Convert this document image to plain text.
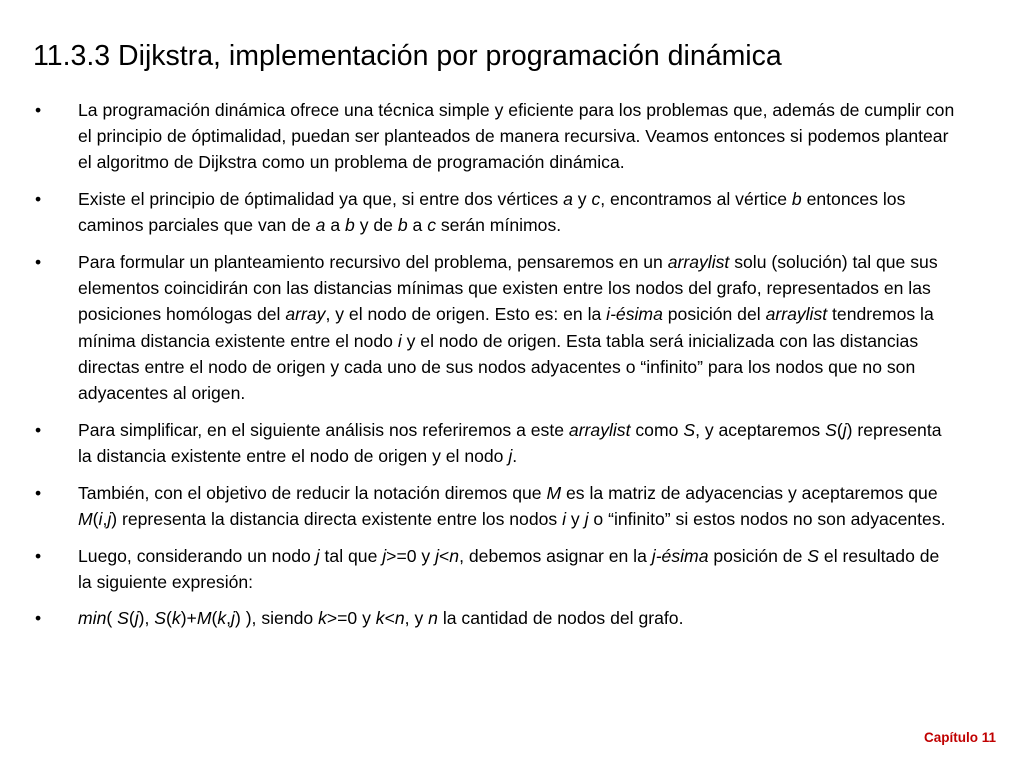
11.3.3 Dijkstra, implementación por programación dinámica
•	La programación dinámica ofrece una técnica simple y eficiente para los problemas que, además de cumplir con el principio de óptimalidad, puedan ser planteados de manera recursiva. Veamos entonces si podemos plantear el algoritmo de Dijkstra como un problema de programación dinámica.
•	Existe el principio de óptimalidad ya que, si entre dos vértices a y c, encontramos al vértice b entonces los caminos parciales que van de a a b y de b a c serán mínimos.
•	Para formular un planteamiento recursivo del problema, pensaremos en un arraylist solu (solución) tal que sus elementos coincidirán con las distancias mínimas que existen entre los nodos del grafo, representados en las posiciones homólogas del array, y el nodo de origen. Esto es: en la i-ésima posición del arraylist tendremos la mínima distancia existente entre el nodo i y el nodo de origen. Esta tabla será inicializada con las distancias directas entre el nodo de origen y cada uno de sus nodos adyacentes o “infinito” para los nodos que no son adyacentes al origen.
•	Para simplificar, en el siguiente análisis nos referiremos a este arraylist como S, y aceptaremos S(j) representa la distancia existente entre el nodo de origen y el nodo j.
•	También, con el objetivo de reducir la notación diremos que M es la matriz de adyacencias y aceptaremos que M(i,j) representa la distancia directa existente entre los nodos i y j o “infinito” si estos nodos no son adyacentes.
•	Luego, considerando un nodo j tal que j>=0 y j<n, debemos asignar en la j-ésima posición de S el resultado de la siguiente expresión:
•	min( S(j), S(k)+M(k,j) ), siendo k>=0 y k<n, y n la cantidad de nodos del grafo.
Capítulo 11
